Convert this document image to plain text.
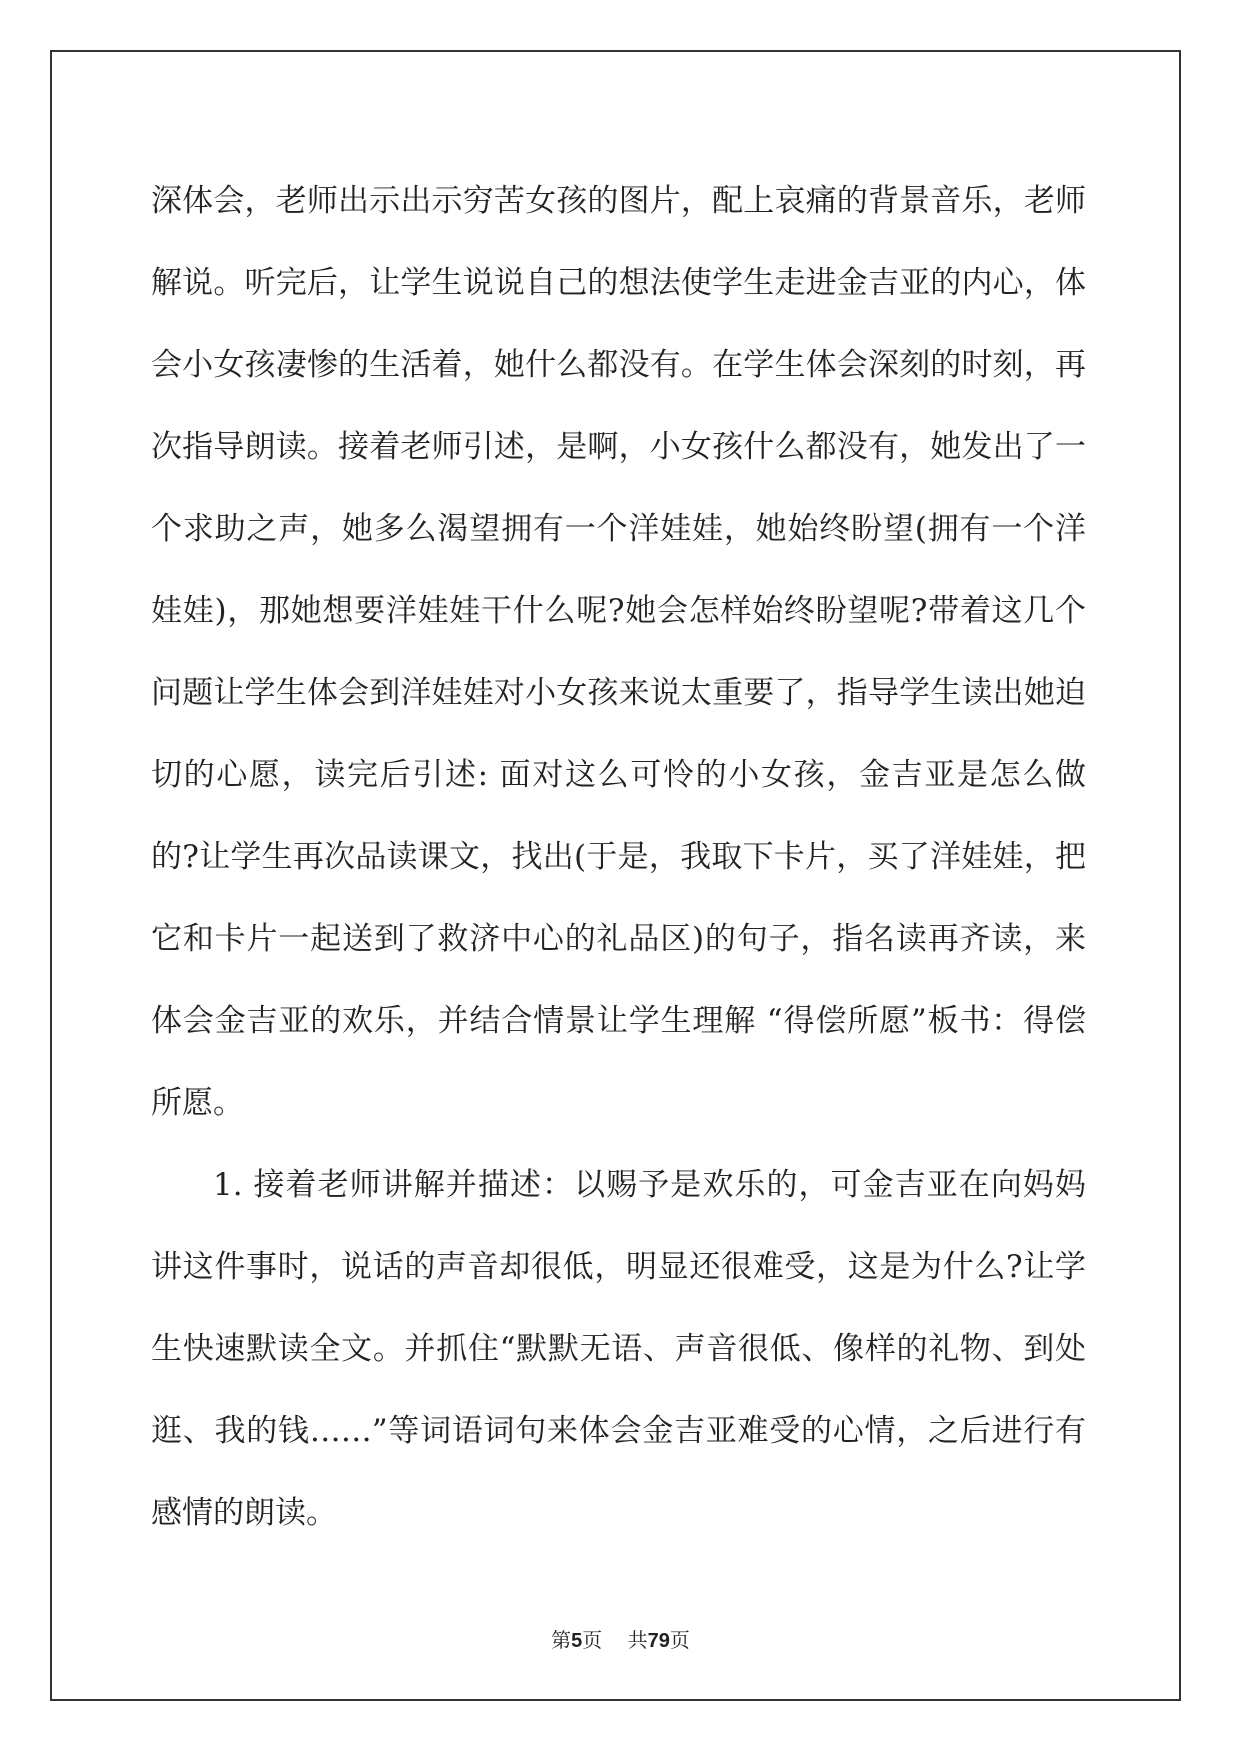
深体会，老师出示出示穷苦女孩的图片，配上哀痛的背景音乐，老师解说。听完后，让学生说说自己的想法使学生走进金吉亚的内心，体会小女孩凄惨的生活着，她什么都没有。在学生体会深刻的时刻，再次指导朗读。接着老师引述，是啊，小女孩什么都没有，她发出了一个求助之声，她多么渴望拥有一个洋娃娃，她始终盼望(拥有一个洋娃娃)，那她想要洋娃娃干什么呢?她会怎样始终盼望呢?带着这几个问题让学生体会到洋娃娃对小女孩来说太重要了，指导学生读出她迫切的心愿，读完后引述: 面对这么可怜的小女孩，金吉亚是怎么做的?让学生再次品读课文，找出(于是，我取下卡片，买了洋娃娃，把它和卡片一起送到了救济中心的礼品区)的句子，指名读再齐读，来体会金吉亚的欢乐，并结合情景让学生理解 “得偿所愿”板书：得偿所愿。

1. 接着老师讲解并描述：以赐予是欢乐的，可金吉亚在向妈妈讲这件事时，说话的声音却很低，明显还很难受，这是为什么?让学生快速默读全文。并抓住“默默无语、声音很低、像样的礼物、到处逛、我的钱……”等词语词句来体会金吉亚难受的心情，之后进行有感情的朗读。

第5页 共79页
